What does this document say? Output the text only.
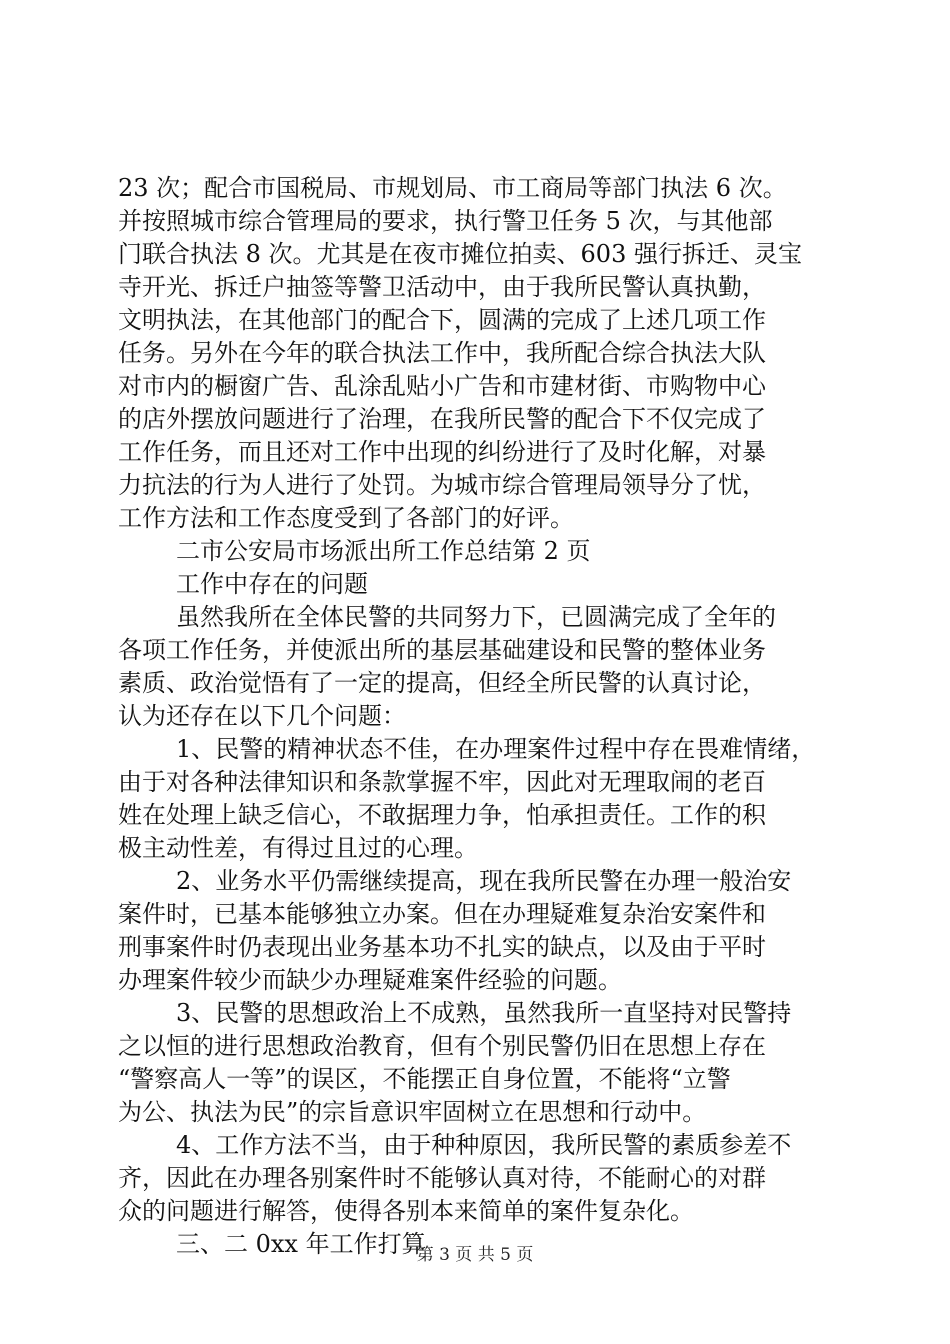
23 次；配合市国税局、市规划局、市工商局等部门执法 6 次。
并按照城市综合管理局的要求，执行警卫任务 5 次，与其他部
门联合执法 8 次。尤其是在夜市摊位拍卖、603 强行拆迁、灵宝
寺开光、拆迁户抽签等警卫活动中，由于我所民警认真执勤，
文明执法，在其他部门的配合下，圆满的完成了上述几项工作
任务。另外在今年的联合执法工作中，我所配合综合执法大队
对市内的橱窗广告、乱涂乱贴小广告和市建材街、市购物中心
的店外摆放问题进行了治理，在我所民警的配合下不仅完成了
工作任务，而且还对工作中出现的纠纷进行了及时化解，对暴
力抗法的行为人进行了处罚。为城市综合管理局领导分了忧，
工作方法和工作态度受到了各部门的好评。
二市公安局市场派出所工作总结第 2 页
工作中存在的问题
虽然我所在全体民警的共同努力下，已圆满完成了全年的
各项工作任务，并使派出所的基层基础建设和民警的整体业务
素质、政治觉悟有了一定的提高，但经全所民警的认真讨论，
认为还存在以下几个问题：
1、民警的精神状态不佳，在办理案件过程中存在畏难情绪，
由于对各种法律知识和条款掌握不牢，因此对无理取闹的老百
姓在处理上缺乏信心，不敢据理力争，怕承担责任。工作的积
极主动性差，有得过且过的心理。
2、业务水平仍需继续提高，现在我所民警在办理一般治安
案件时，已基本能够独立办案。但在办理疑难复杂治安案件和
刑事案件时仍表现出业务基本功不扎实的缺点，以及由于平时
办理案件较少而缺少办理疑难案件经验的问题。
3、民警的思想政治上不成熟，虽然我所一直坚持对民警持
之以恒的进行思想政治教育，但有个别民警仍旧在思想上存在
“警察高人一等”的误区，不能摆正自身位置，不能将“立警
为公、执法为民”的宗旨意识牢固树立在思想和行动中。
4、工作方法不当，由于种种原因，我所民警的素质参差不
齐，因此在办理各别案件时不能够认真对待，不能耐心的对群
众的问题进行解答，使得各别本来简单的案件复杂化。
三、二 0xx 年工作打算
第 3 页 共 5 页
